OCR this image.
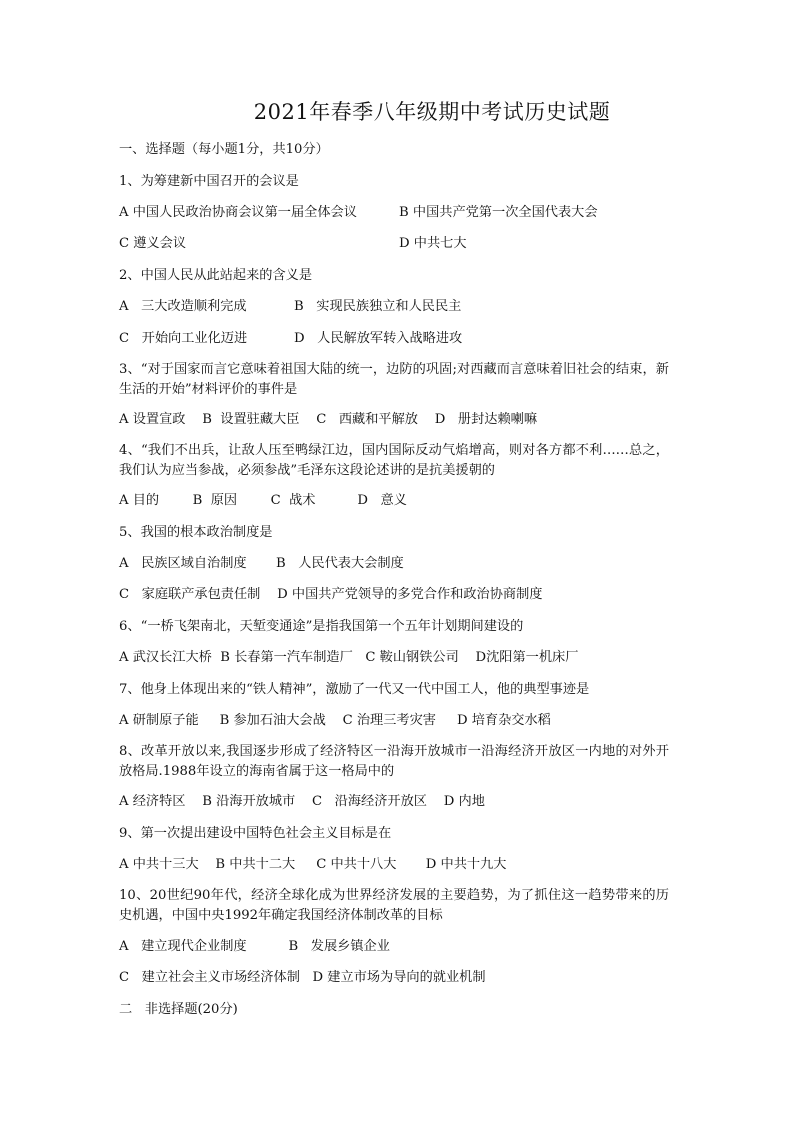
2021年春季八年级期中考试历史试题
一、选择题（每小题1分，共10分）
1、为筹建新中国召开的会议是
A 中国人民政治协商会议第一届全体会议	B 中国共产党第一次全国代表大会
C 遵义会议	D 中共七大
2、中国人民从此站起来的含义是
A   三大改造顺利完成	B   实现民族独立和人民民主
C   开始向工业化迈进	D   人民解放军转入战略进攻
3、“对于国家而言它意味着祖国大陆的统一，边防的巩固;对西藏而言意味着旧社会的结束，新生活的开始”材料评价的事件是
A 设置宣政    B  设置驻藏大臣    C   西藏和平解放    D   册封达赖喇嘛
4、“我们不出兵，让敌人压至鸭绿江边，国内国际反动气焰增高，则对各方都不利……总之，我们认为应当参战，必须参战”毛泽东这段论述讲的是抗美援朝的
A 目的        B  原因        C  战术          D   意义
5、我国的根本政治制度是
A   民族区域自治制度       B   人民代表大会制度
C   家庭联产承包责任制    D 中国共产党领导的多党合作和政治协商制度
6、“一桥飞架南北，天堑变通途”是指我国第一个五年计划期间建设的
A 武汉长江大桥  B 长春第一汽车制造厂   C 鞍山钢铁公司    D沈阳第一机床厂
7、他身上体现出来的“铁人精神”，激励了一代又一代中国工人，他的典型事迹是
A 研制原子能     B 参加石油大会战    C 治理三考灾害     D 培育杂交水稻
8、改革开放以来,我国逐步形成了经济特区一沿海开放城市一沿海经济开放区一内地的对外开放格局.1988年设立的海南省属于这一格局中的
A 经济特区    B 沿海开放城市    C   沿海经济开放区    D 内地
9、第一次提出建设中国特色社会主义目标是在
A 中共十三大    B 中共十二大     C 中共十八大       D 中共十九大
10、20世纪90年代，经济全球化成为世界经济发展的主要趋势，为了抓住这一趋势带来的历史机遇，中国中央1992年确定我国经济体制改革的目标
A   建立现代企业制度          B   发展乡镇企业
C   建立社会主义市场经济体制   D 建立市场为导向的就业机制
二   非选择题(20分)
